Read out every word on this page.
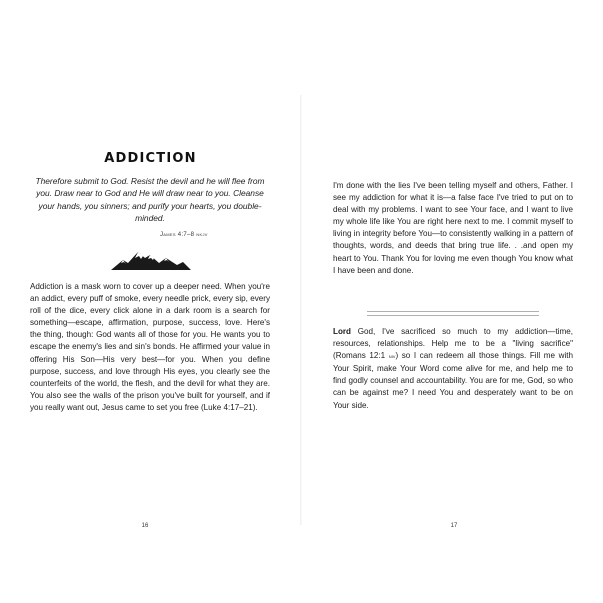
ADDICTION

Therefore submit to God. Resist the devil and he will flee from you. Draw near to God and He will draw near to you. Cleanse your hands, you sinners; and purify your hearts, you double-minded.

James 4:7–8 nkjv

Addiction is a mask worn to cover up a deeper need. When you're an addict, every puff of smoke, every needle prick, every sip, every roll of the dice, every click alone in a dark room is a search for something—escape, affirmation, purpose, success, love. Here's the thing, though: God wants all of those for you. He wants you to escape the enemy's lies and sin's bonds. He affirmed your value in offering His Son—His very best—for you. When you define purpose, success, and love through His eyes, you clearly see the counterfeits of the world, the flesh, and the devil for what they are. You also see the walls of the prison you've built for yourself, and if you really want out, Jesus came to set you free (Luke 4:17–21).

16

I'm done with the lies I've been telling myself and others, Father. I see my addiction for what it is—a false face I've tried to put on to deal with my problems. I want to see Your face, and I want to live my whole life like You are right here next to me. I commit myself to living in integrity before You—to consistently walking in a pattern of thoughts, words, and deeds that bring true life. . .and open my heart to You. Thank You for loving me even though You know what I have been and done.

Lord God, I've sacrificed so much to my addiction—time, resources, relationships. Help me to be a "living sacrifice" (Romans 12:1 niv) so I can redeem all those things. Fill me with Your Spirit, make Your Word come alive for me, and help me to find godly counsel and accountability. You are for me, God, so who can be against me? I need You and desperately want to be on Your side.

17
